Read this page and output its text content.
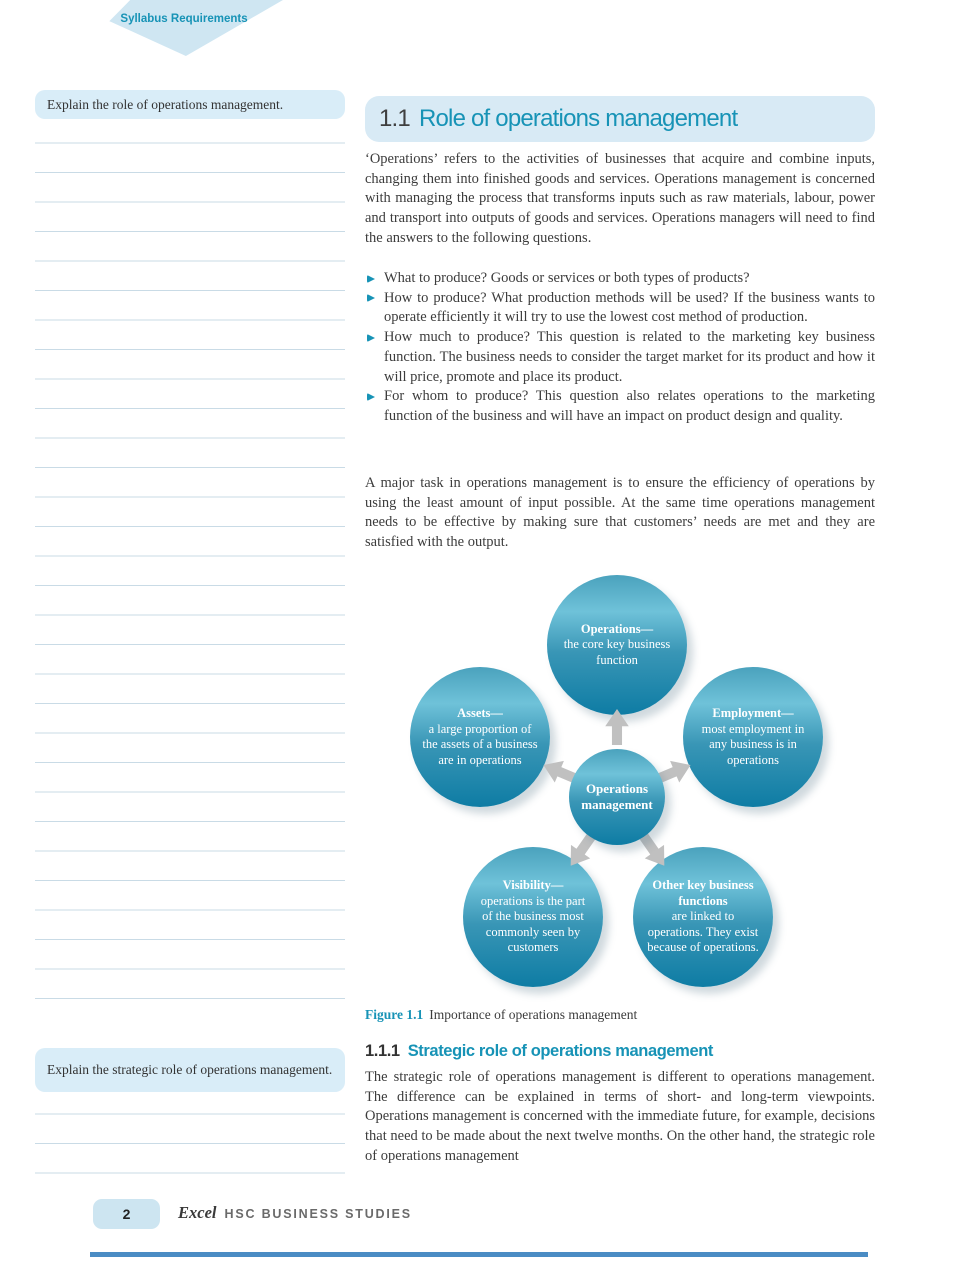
Syllabus Requirements
Explain the role of operations management.
Explain the strategic role of operations management.
1.1 Role of operations management
‘Operations’ refers to the activities of businesses that acquire and combine inputs, changing them into finished goods and services. Operations management is concerned with managing the process that transforms inputs such as raw materials, labour, power and transport into outputs of goods and services. Operations managers will need to find the answers to the following questions.
What to produce? Goods or services or both types of products?
How to produce? What production methods will be used? If the business wants to operate efficiently it will try to use the lowest cost method of production.
How much to produce? This question is related to the marketing key business function. The business needs to consider the target market for its product and how it will price, promote and place its product.
For whom to produce? This question also relates operations to the marketing function of the business and will have an impact on product design and quality.
A major task in operations management is to ensure the efficiency of operations by using the least amount of input possible. At the same time operations management needs to be effective by making sure that customers’ needs are met and they are satisfied with the output.
Operations—
the core key business function
Assets—
a large proportion of the assets of a business are in operations
Employment—
most employment in any business is in operations
Visibility—
operations is the part of the business most commonly seen by customers
Other key business functions
are linked to operations. They exist because of operations.
Operations management
Figure 1.1 Importance of operations management
1.1.1 Strategic role of operations management
The strategic role of operations management is different to operations management. The difference can be explained in terms of short- and long-term viewpoints. Operations management is concerned with the immediate future, for example, decisions that need to be made about the next twelve months. On the other hand, the strategic role of operations management
2	Excel HSC BUSINESS STUDIES
